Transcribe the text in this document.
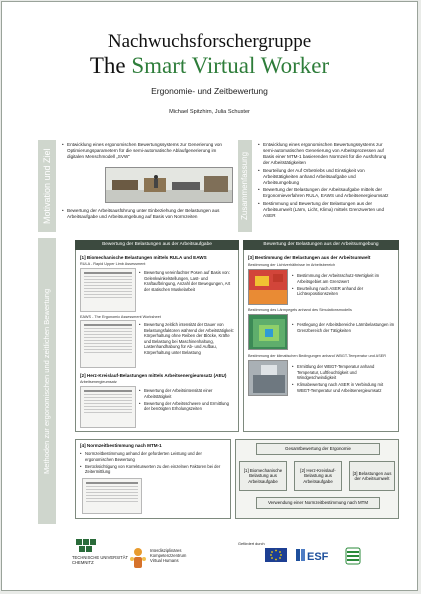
Nachwuchsforschergruppe
The Smart Virtual Worker
Ergonomie- und Zeitbewertung
Michael Spitzhirn, Julia Schuster
Motivation und Ziel
• Entwicklung eines ergonomischen Bewertungssystems zur Generierung von Optimierungsparametern für die semi-automatische Ablaufgenerierung im digitalen Menschmodell „SVW“
• Bewertung der Arbeitsausführung unter Einbeziehung der Belastungen aus Arbeitsaufgabe und Arbeitsumgebung auf Basis von Normzeiten	Zusammenfassung
• Entwicklung eines ergonomischen Bewertungssystems zur semi-automatischen Generierung von Arbeitsprozessen auf Basis einer MTM-1 basierenden Normzeit für die Ausführung der Arbeitstätigkeiten
• Beurteilung der Auf Orbetriebs und Einstigkeit von Arbeitstätigkeiten anhand Arbeitsaufgabe und Arbeitsumgebung
• Bewertung der Belastungen der Arbeitsaufgabe mittels der Ergonomieverfahren RULA, EAWS und Arbeitsenergieumsatz
• Bestimmung und Bewertung der Belastungen aus der Arbeitsumwelt (Lärm, Licht, Klima) mittels Grenzwerten und ASER
Methoden zur ergonomischen und zeitlichen Bewertung
Bewertung der Belastungen aus der Arbeitsaufgabe
[1] Biomechanische Belastungen mittels RULA und EAWS
RULA - Rapid Upper Limb Assessment
• Bewertung vereinfachter Posen auf Basis von: Gelenkwinkelstellungen, Last- und Kraftaufbringung, Anzahl der Bewegungen, Art der statischen Muskelarbeit
EAWS - The Ergonomic Assessment Worksheet
• Bewertung zeitlich intensität der Dauer von Belastungsfaktoren während der Arbeitstätigkeit: Körperhaltung ohne Reiben der Blöcke, Kräfte und Belastung bei Maschinenhaltung, Lastenhandhabung für Ab- und Aufbau, Körperhaltung unter Belastung
[2] Herz-Kreislauf-Belastungen mittels Arbeitsenergieumsatz (AEU)
Arbeitsenergieumsatz
• Bewertung der Arbeitsintensität einer Arbeitstätigkeit
• Bewertung der Arbeitsschwere und Ermittlung der benötigten Erholungszeiten
Bewertung der Belastungen aus der Arbeitsumgebung
[3] Bestimmung der Belastungen aus der Arbeitsumwelt
Bestimmung der Lichtverhältnisse im Arbeitsbereich
• Bestimmung der Arbeitsschutz-Wertigkeit im Arbeitsgebiet am Grenzwert
• Beurteilung nach ASER anhand der Lichtexpositionszeiten
Bestimmung des Lärmpegels anhand des Simulationsmodells
• Festlegung der Arbeitsbereiche Lärmbelastungen im Grenzbereich der Tätigkeiten
Bestimmung der klimatischen Bedingungen anhand WBGT-Temperatur und ASER
• Ermittlung der WBGT-Temperatur anhand Temperatur, Luftfeuchtigkeit und Windgeschwindigkeit
• Klimabewertung nach ASER in Verbindung mit WBGT-Temperatur und Arbeitsenergieumsatz
[4] Normzeitbestimmung nach MTM-1
• Normzeitbestimmung anhand der geforderten Leistung und der ergonomischen Bewertung
• Berücksichtigung von Korrekturwerten zu den einzelnen Faktoren bei der Zeitermittlung
Gesamtbewertung der Ergonomie
[1] Biomechanische Belastung aus Arbeitsaufgabe
[2] Herz-Kreislauf-Belastung aus Arbeitsaufgabe
[3] Belastungen aus der Arbeitsumwelt
Verwendung einer Normzeitbestimmung nach MTM
TECHNISCHE UNIVERSITÄT
CHEMNITZ
Interdisziplinäres
Kompetenzzentrum
Virtual Humans
Gefördert durch
ESF
